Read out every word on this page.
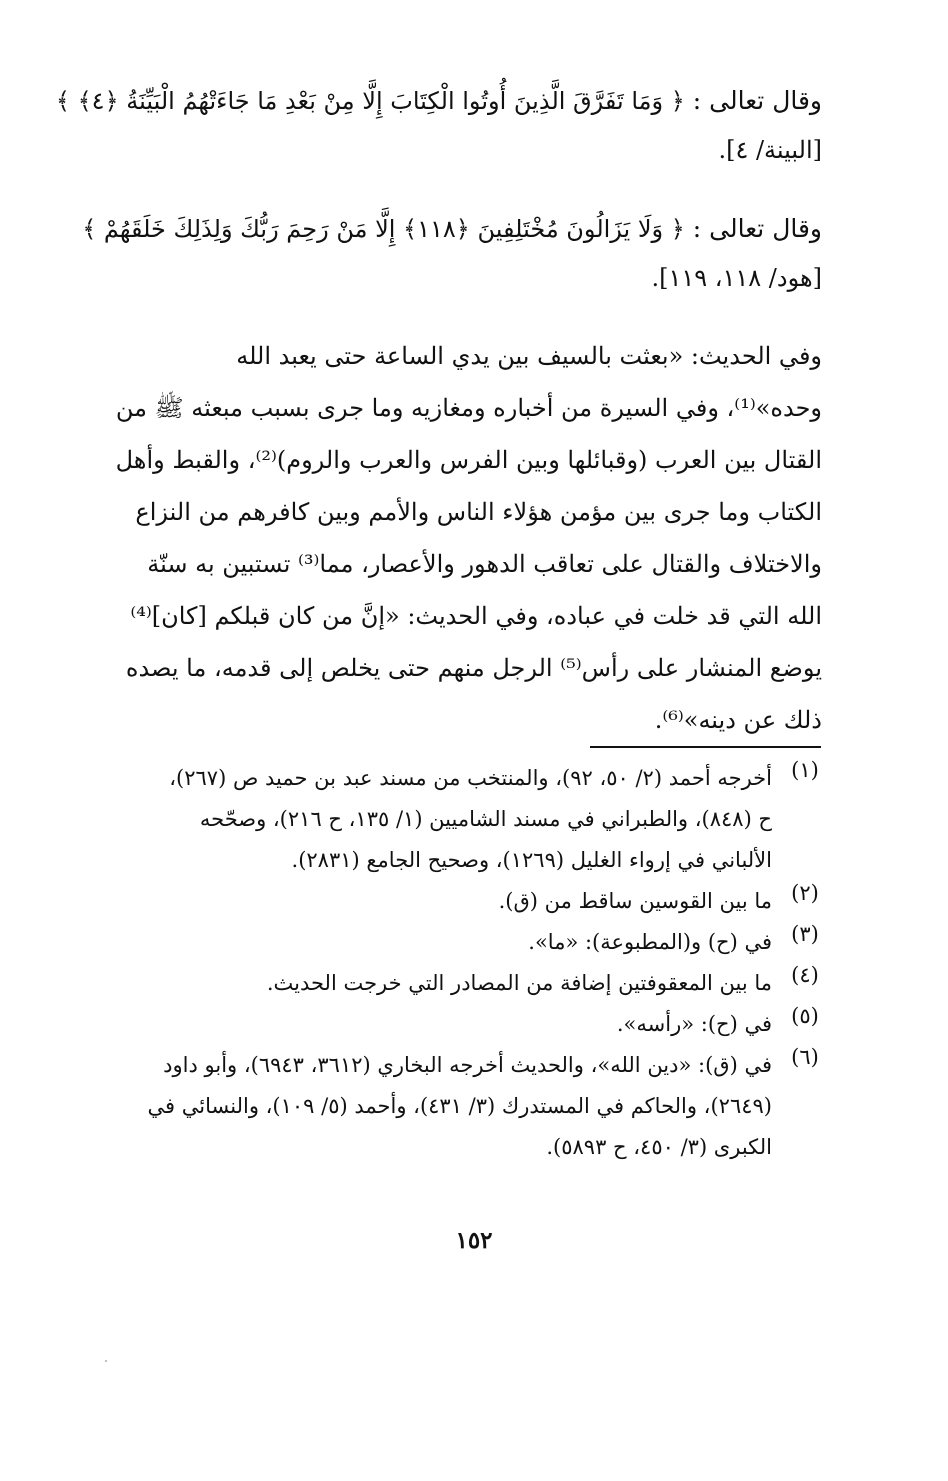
وقال تعالى : ﴿ وَمَا تَفَرَّقَ الَّذِينَ أُوتُوا الْكِتَابَ إِلَّا مِنْ بَعْدِ مَا جَاءَتْهُمُ الْبَيِّنَةُ ﴿٤﴾ ﴾
[البينة/ ٤].
وقال تعالى : ﴿ وَلَا يَزَالُونَ مُخْتَلِفِينَ ﴿١١٨﴾ إِلَّا مَنْ رَحِمَ رَبُّكَ وَلِذَلِكَ خَلَقَهُمْ ﴾
[هود/ ١١٨، ١١٩].
وفي الحديث: «بعثت بالسيف بين يدي الساعة حتى يعبد الله
وحده»⁽¹⁾، وفي السيرة من أخباره ومغازيه وما جرى بسبب مبعثه ﷺ من
القتال بين العرب (وقبائلها وبين الفرس والعرب والروم)⁽²⁾، والقبط وأهل
الكتاب وما جرى بين مؤمن هؤلاء الناس والأمم وبين كافرهم من النزاع
والاختلاف والقتال على تعاقب الدهور والأعصار، مما⁽³⁾ تستبين به سنّة
الله التي قد خلت في عباده، وفي الحديث: «إنَّ من كان قبلكم [كان]⁽⁴⁾
يوضع المنشار على رأس⁽⁵⁾ الرجل منهم حتى يخلص إلى قدمه، ما يصده
ذلك عن دينه»⁽⁶⁾.
(١)
أخرجه أحمد (٢/ ٥٠، ٩٢)، والمنتخب من مسند عبد بن حميد ص (٢٦٧)،
ح (٨٤٨)، والطبراني في مسند الشاميين (١/ ١٣٥، ح ٢١٦)، وصحّحه
الألباني في إرواء الغليل (١٢٦٩)، وصحيح الجامع (٢٨٣١).
(٢)
ما بين القوسين ساقط من (ق).
(٣)
في (ح) و(المطبوعة): «ما».
(٤)
ما بين المعقوفتين إضافة من المصادر التي خرجت الحديث.
(٥)
في (ح): «رأسه».
(٦)
في (ق): «دين الله»، والحديث أخرجه البخاري (٣٦١٢، ٦٩٤٣)، وأبو داود
(٢٦٤٩)، والحاكم في المستدرك (٣/ ٤٣١)، وأحمد (٥/ ١٠٩)، والنسائي في
الكبرى (٣/ ٤٥٠، ح ٥٨٩٣).
١٥٢
